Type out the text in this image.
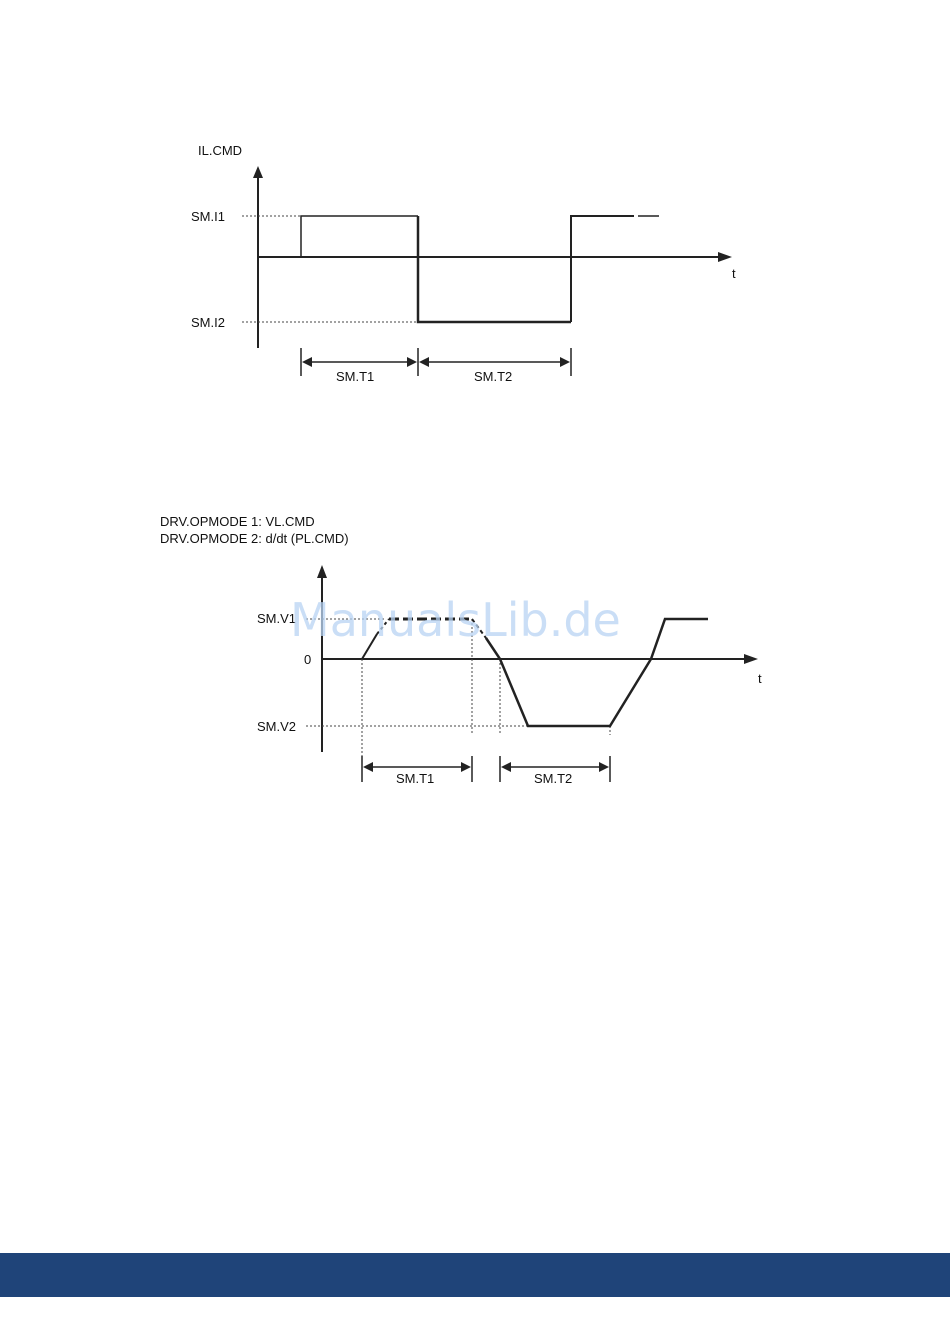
IL.CMD
t
SM.I1
SM.I2
SM.T1	SM.T2
DRV.OPMODE 1: VL.CMD
DRV.OPMODE 2: d/dt (PL.CMD)
t
SM.V1
0
SM.V2
SM.T1	SM.T2
ManualsLib.de
